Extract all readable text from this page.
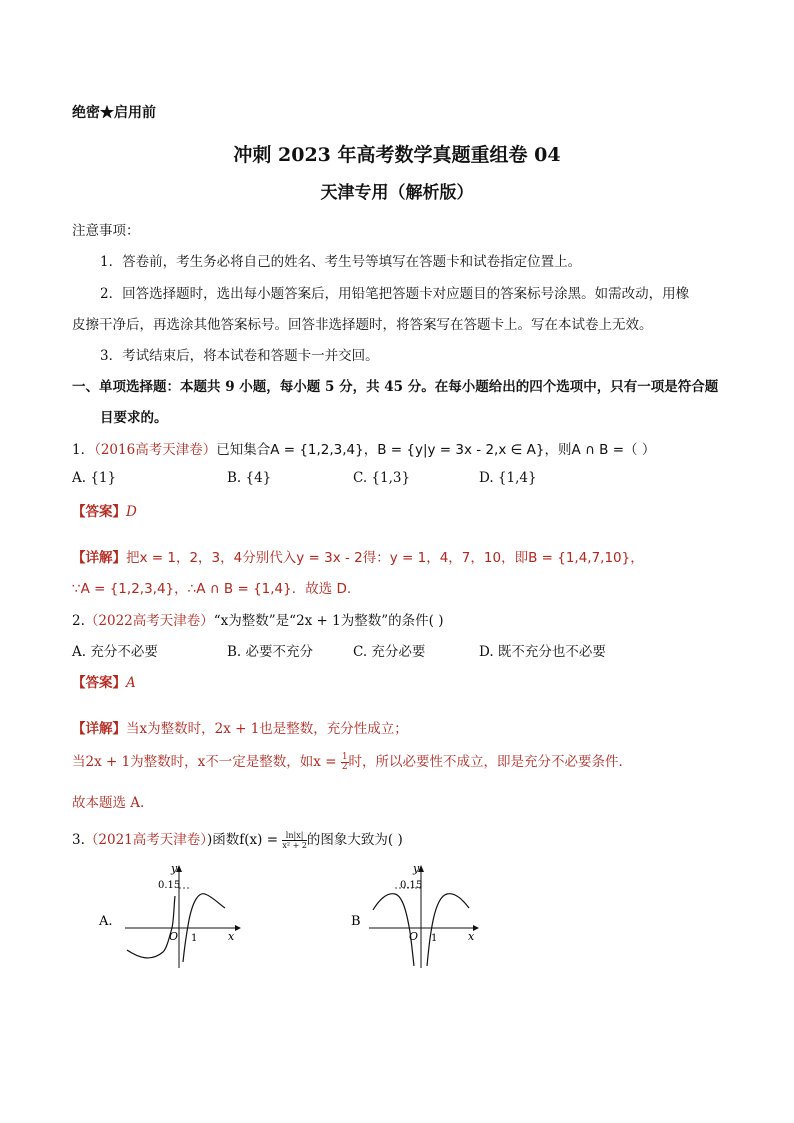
绝密★启用前
冲刺 2023 年高考数学真题重组卷 04
天津专用（解析版）
注意事项：
1．答卷前，考生务必将自己的姓名、考生号等填写在答题卡和试卷指定位置上。
2．回答选择题时，选出每小题答案后，用铅笔把答题卡对应题目的答案标号涂黑。如需改动，用橡
皮擦干净后，再选涂其他答案标号。回答非选择题时，将答案写在答题卡上。写在本试卷上无效。
3．考试结束后，将本试卷和答题卡一并交回。
一、单项选择题：本题共 9 小题，每小题 5 分，共 45 分。在每小题给出的四个选项中，只有一项是符合题
目要求的。
1．（2016高考天津卷）已知集合A = {1,2,3,4}，B = {y|y = 3x - 2,x ∈ A}，则A ∩ B =（ ）
A. {1}	B. {4}	C. {1,3}	D. {1,4}
【答案】D
【详解】把x = 1，2，3，4分别代入y = 3x - 2得：y = 1，4，7，10，即B = {1,4,7,10}，
∵A = {1,2,3,4}，∴A ∩ B = {1,4}．故选 D.
2.（2022高考天津卷）“x为整数”是“2x + 1为整数”的条件( )
A. 充分不必要	B. 必要不充分	C. 充分必要	D. 既不充分也不必要
【答案】A
【详解】当x为整数时，2x + 1也是整数，充分性成立；
当2x + 1为整数时，x不一定是整数，如$x = \frac{1}{2}$ 时，所以必要性不成立，即是充分不必要条件．
故本题选 A.
3.（2021高考天津卷）)函数$f(x) = \frac{\ln|x|}{\text{x² + 2}}$ 的图象大致为( )
A.
0.15
y
x
O 1
B
0.15
y
x
O 1
